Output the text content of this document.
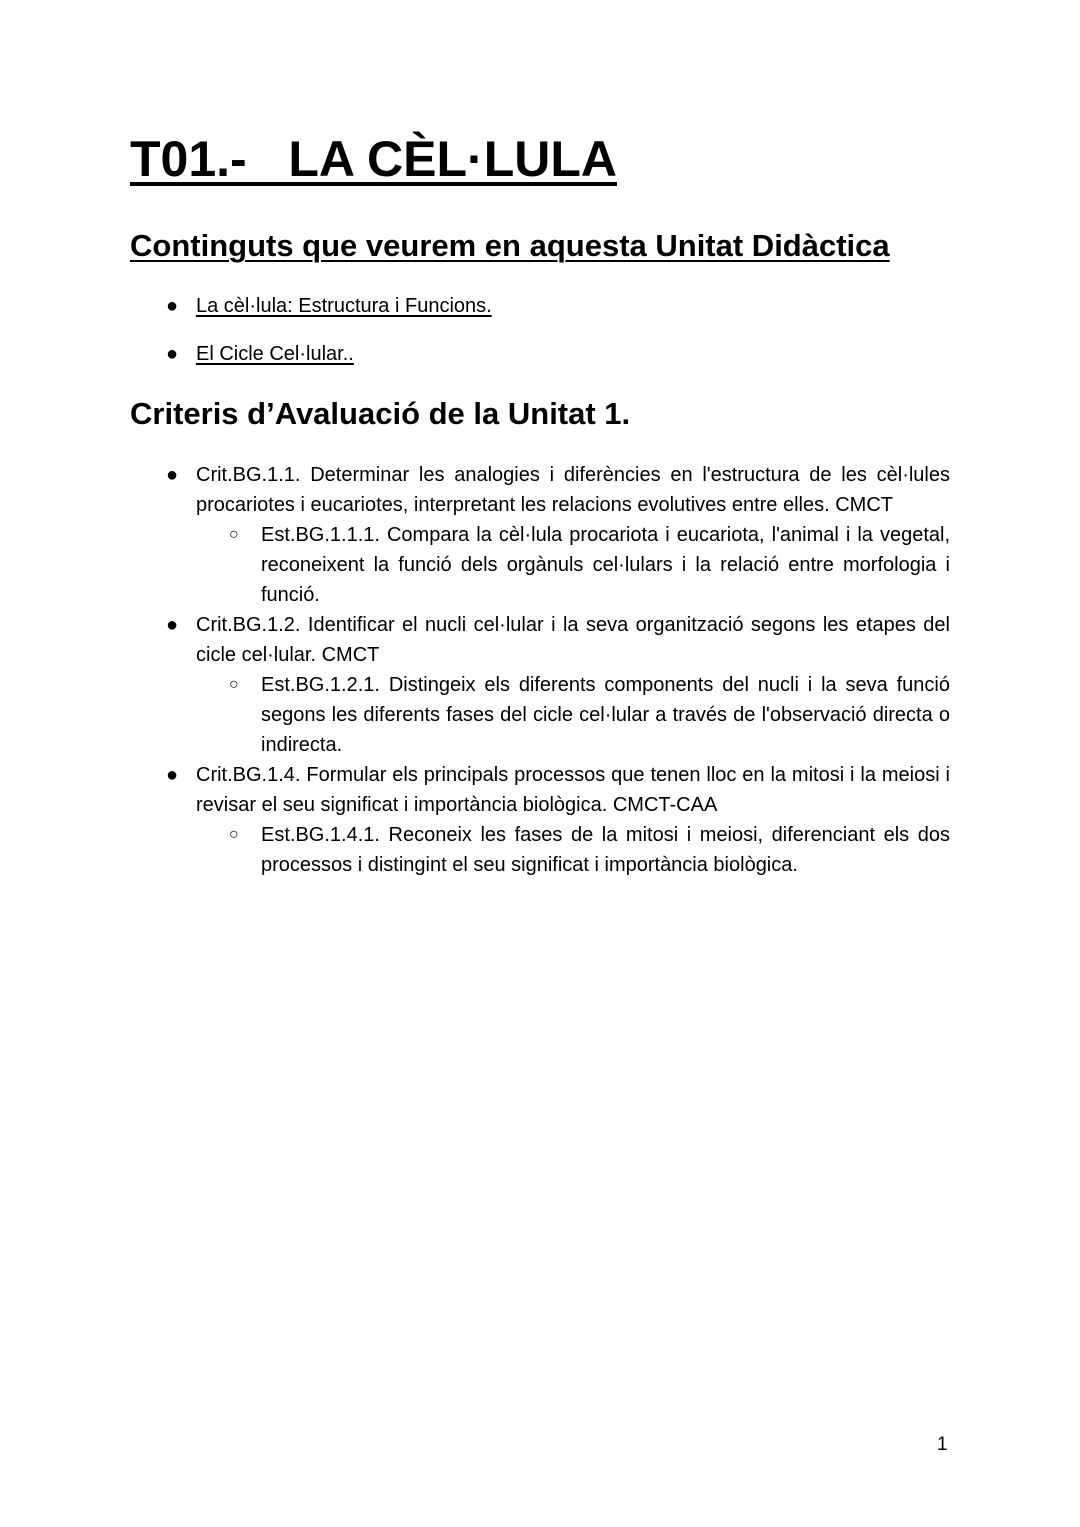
T01.-   LA CÈL·LULA
Continguts que veurem en aquesta Unitat Didàctica
● La cèl·lula: Estructura i Funcions.
● El Cicle Cel·lular..
Criteris d’Avaluació de la Unitat 1.
● Crit.BG.1.1. Determinar les analogies i diferències en l'estructura de les cèl·lules procariotes i eucariotes, interpretant les relacions evolutives entre elles. CMCT
○ Est.BG.1.1.1. Compara la cèl·lula procariota i eucariota, l'animal i la vegetal, reconeixent la funció dels orgànuls cel·lulars i la relació entre morfologia i funció.
● Crit.BG.1.2. Identificar el nucli cel·lular i la seva organització segons les etapes del cicle cel·lular. CMCT
○ Est.BG.1.2.1. Distingeix els diferents components del nucli i la seva funció segons les diferents fases del cicle cel·lular a través de l'observació directa o indirecta.
● Crit.BG.1.4. Formular els principals processos que tenen lloc en la mitosi i la meiosi i revisar el seu significat i importància biològica. CMCT-CAA
○ Est.BG.1.4.1. Reconeix les fases de la mitosi i meiosi, diferenciant els dos processos i distingint el seu significat i importància biològica.
1
